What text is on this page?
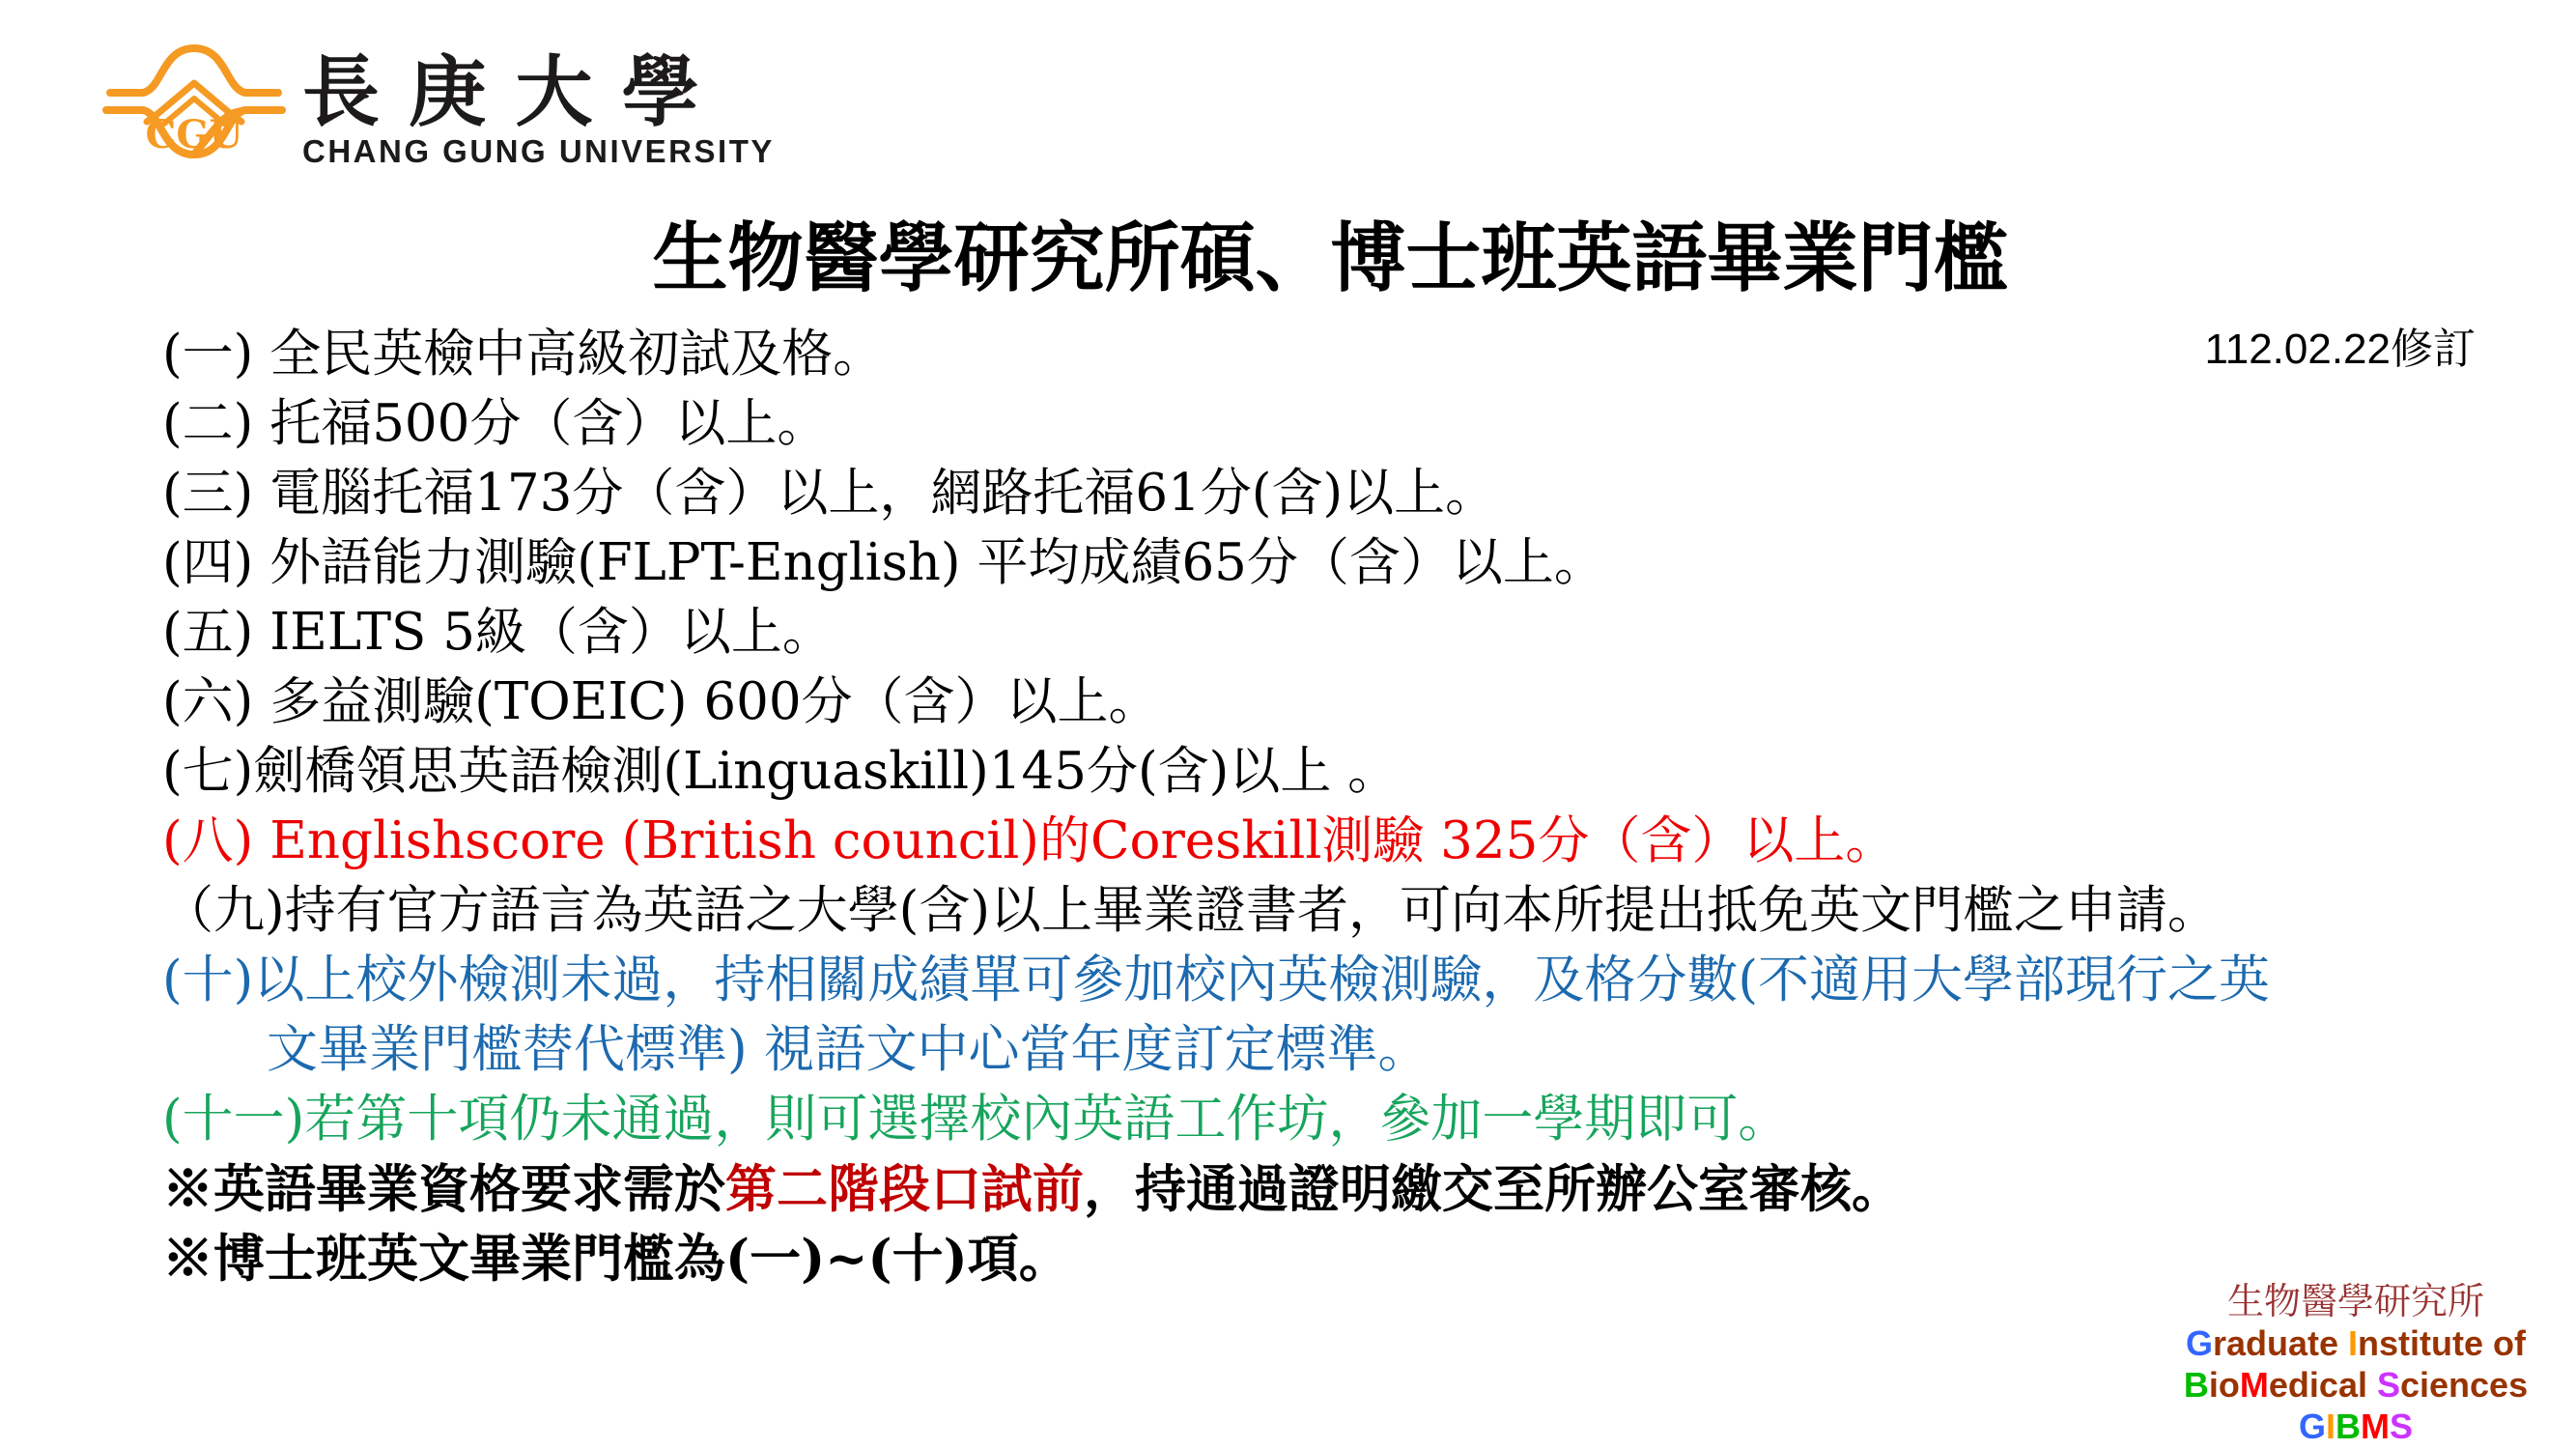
CGU 長 庚 大 學
CHANG GUNG UNIVERSITY
112.02.22修訂
生物醫學研究所碩、博士班英語畢業門檻
(一) 全民英檢中高級初試及格。
(二) 托福500分（含）以上。
(三) 電腦托福173分（含）以上，網路托福61分(含)以上。
(四) 外語能力測驗(FLPT-English) 平均成績65分（含）以上。
(五) IELTS 5級（含）以上。
(六) 多益測驗(TOEIC) 600分（含）以上。
(七)劍橋領思英語檢測(Linguaskill)145分(含)以上 。
(八) Englishscore (British council)的Coreskill測驗 325分（含）以上。
（九)持有官方語言為英語之大學(含)以上畢業證書者，可向本所提出抵免英文門檻之申請。
(十)以上校外檢測未過，持相關成績單可參加校內英檢測驗，及格分數(不適用大學部現行之英
文畢業門檻替代標準) 視語文中心當年度訂定標準。
(十一)若第十項仍未通過，則可選擇校內英語工作坊，參加一學期即可。
※英語畢業資格要求需於第二階段口試前，持通過證明繳交至所辦公室審核。
※博士班英文畢業門檻為(一)~(十)項。
生物醫學研究所
Graduate Institute of
BioMedical Sciences
GIBMS
